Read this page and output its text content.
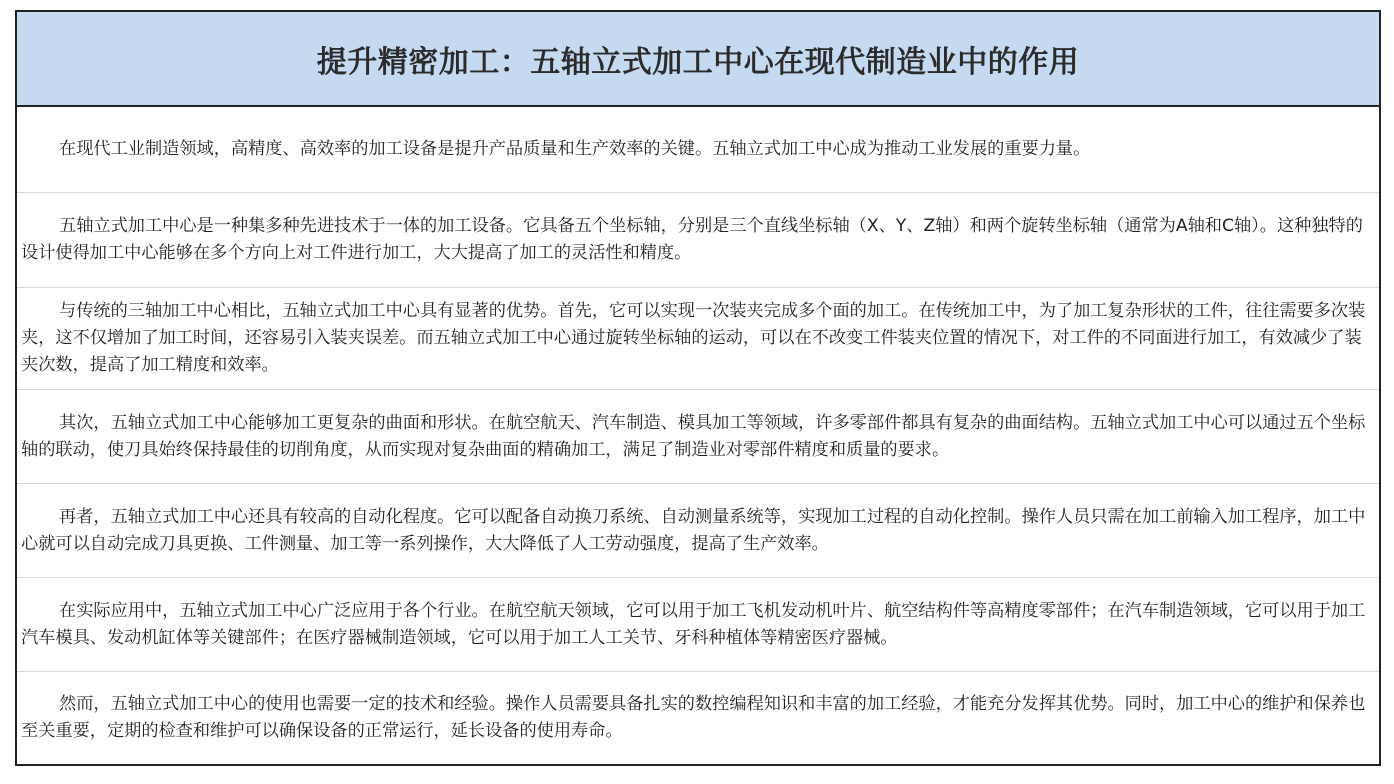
提升精密加工：五轴立式加工中心在现代制造业中的作用

在现代工业制造领域，高精度、高效率的加工设备是提升产品质量和生产效率的关键。五轴立式加工中心成为推动工业发展的重要力量。

五轴立式加工中心是一种集多种先进技术于一体的加工设备。它具备五个坐标轴，分别是三个直线坐标轴（X、Y、Z轴）和两个旋转坐标轴（通常为A轴和C轴）。这种独特的设计使得加工中心能够在多个方向上对工件进行加工，大大提高了加工的灵活性和精度。

与传统的三轴加工中心相比，五轴立式加工中心具有显著的优势。首先，它可以实现一次装夹完成多个面的加工。在传统加工中，为了加工复杂形状的工件，往往需要多次装夹，这不仅增加了加工时间，还容易引入装夹误差。而五轴立式加工中心通过旋转坐标轴的运动，可以在不改变工件装夹位置的情况下，对工件的不同面进行加工，有效减少了装夹次数，提高了加工精度和效率。

其次，五轴立式加工中心能够加工更复杂的曲面和形状。在航空航天、汽车制造、模具加工等领域，许多零部件都具有复杂的曲面结构。五轴立式加工中心可以通过五个坐标轴的联动，使刀具始终保持最佳的切削角度，从而实现对复杂曲面的精确加工，满足了制造业对零部件精度和质量的要求。

再者，五轴立式加工中心还具有较高的自动化程度。它可以配备自动换刀系统、自动测量系统等，实现加工过程的自动化控制。操作人员只需在加工前输入加工程序，加工中心就可以自动完成刀具更换、工件测量、加工等一系列操作，大大降低了人工劳动强度，提高了生产效率。

在实际应用中，五轴立式加工中心广泛应用于各个行业。在航空航天领域，它可以用于加工飞机发动机叶片、航空结构件等高精度零部件；在汽车制造领域，它可以用于加工汽车模具、发动机缸体等关键部件；在医疗器械制造领域，它可以用于加工人工关节、牙科种植体等精密医疗器械。

然而，五轴立式加工中心的使用也需要一定的技术和经验。操作人员需要具备扎实的数控编程知识和丰富的加工经验，才能充分发挥其优势。同时，加工中心的维护和保养也至关重要，定期的检查和维护可以确保设备的正常运行，延长设备的使用寿命。
